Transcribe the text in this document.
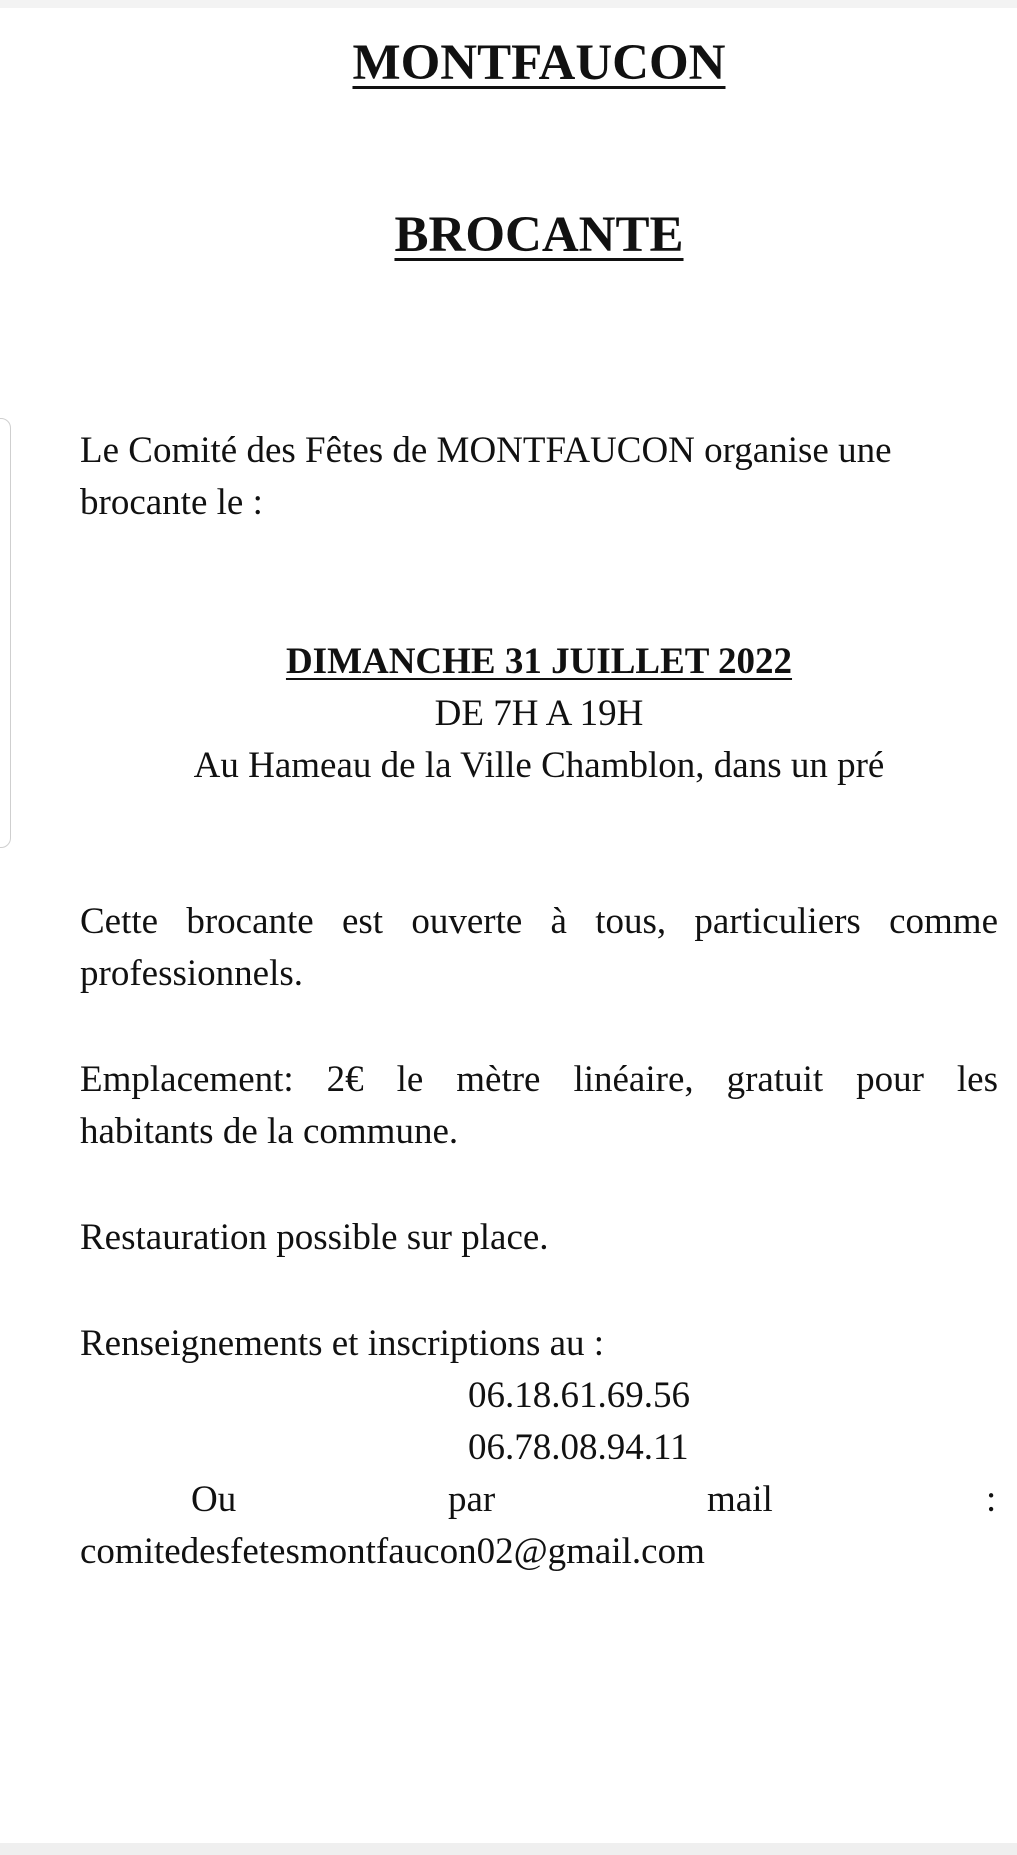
MONTFAUCON
BROCANTE
Le Comité des Fêtes de MONTFAUCON organise une
brocante le :

DIMANCHE 31 JUILLET 2022

DE 7H A 19H

Au Hameau de la Ville Chamblon, dans un pré

Cette brocante est ouverte à tous, particuliers comme
professionnels.
Emplacement: 2€ le mètre linéaire, gratuit pour les
habitants de la commune.

Restauration possible sur place.

Renseignements et inscriptions au :

06.18.61.69.56

06.78.08.94.11

Ou	par	mail	:

comitedesfetesmontfaucon02@gmail.com
